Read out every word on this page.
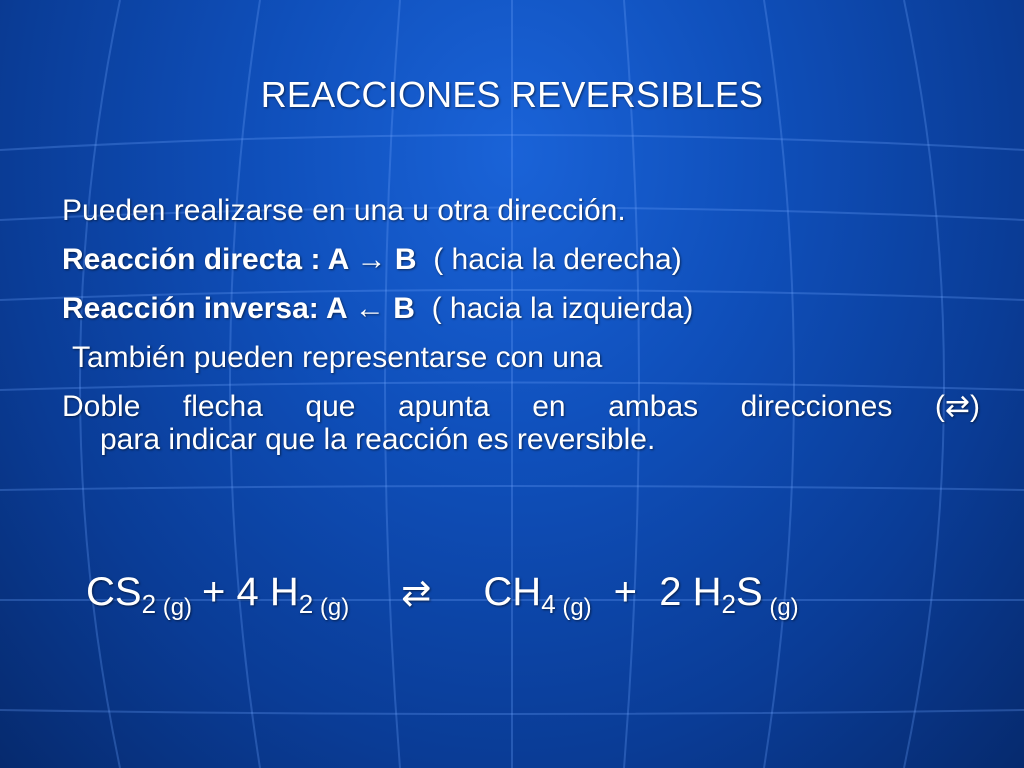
REACCIONES REVERSIBLES
Pueden realizarse en una u otra dirección.
Reacción directa : A → B  ( hacia la derecha)
Reacción inversa: A ← B  ( hacia la izquierda)
También pueden representarse con una
Doble flecha que apunta en ambas direcciones (⇄)
para indicar que la reacción es reversible.
$CS_2$ $_{(g)}$ + 4 $H_2$ $_{(g)}$ ⇄ $CH_4$ $_{(g)}$ +  2 $H_2S$ $_{(g)}$
